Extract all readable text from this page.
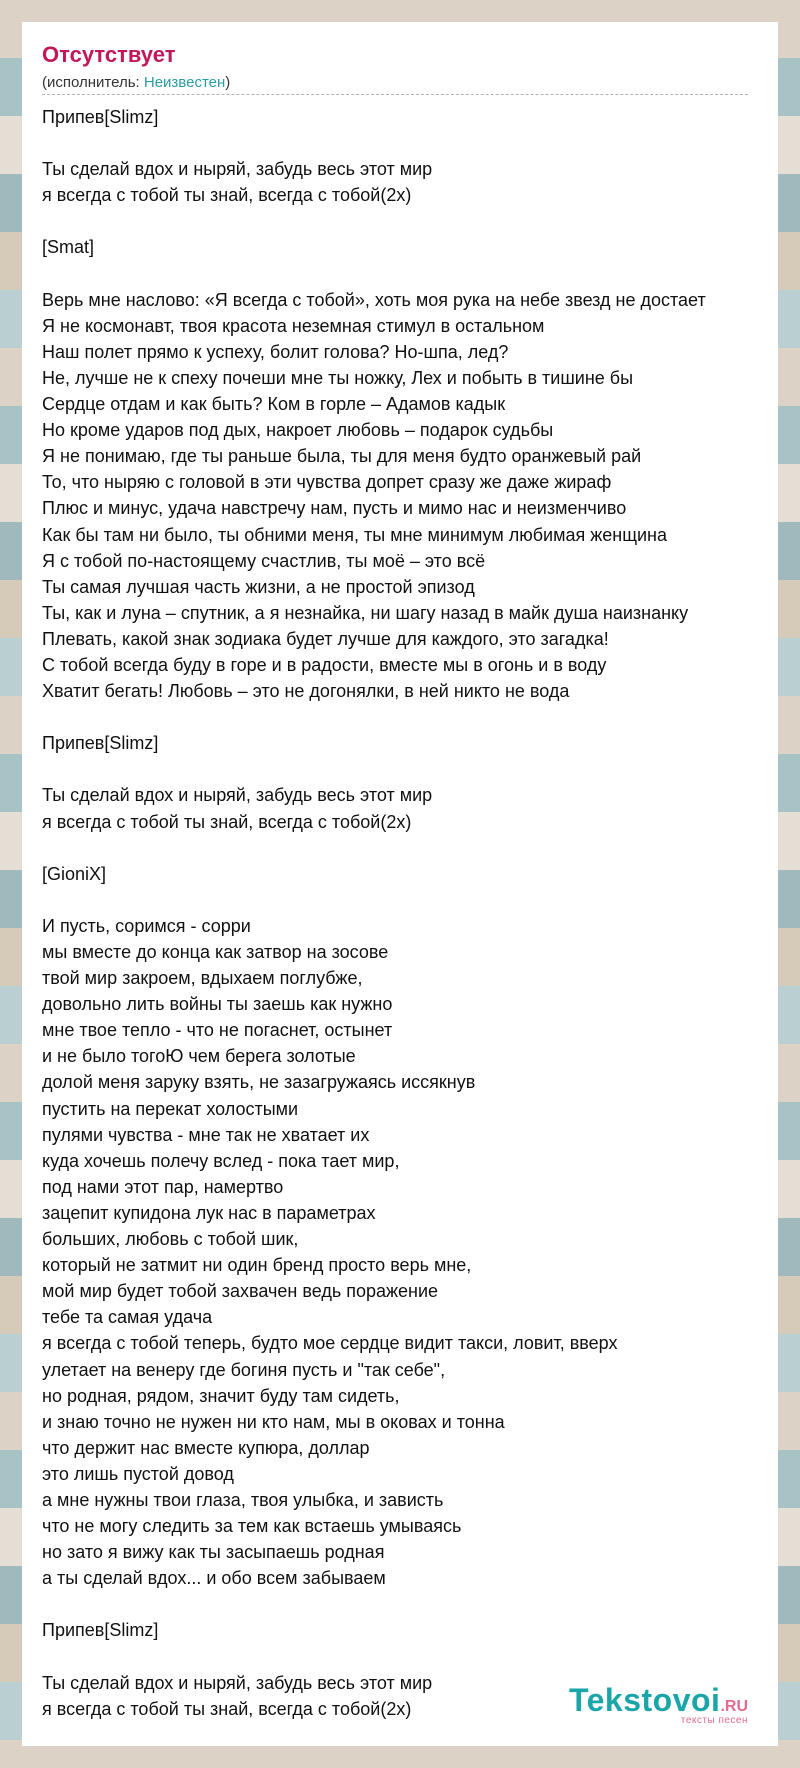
Отсутствует
(исполнитель: Неизвестен)
Припев[Slimz]

Ты сделай вдох и ныряй, забудь весь этот мир
я всегда с тобой ты знай, всегда с тобой(2х)

[Smat]

Верь мне наслово: «Я всегда с тобой», хоть моя рука на небе звезд не достает
Я не космонавт, твоя красота неземная стимул в остальном
Наш полет прямо к успеху, болит голова? Но-шпа, лед?
Не, лучше не к спеху почеши мне ты ножку, Лех и побыть в тишине бы
Сердце отдам и как быть? Ком в горле – Адамов кадык
Но кроме ударов под дых, накроет любовь – подарок судьбы
Я не понимаю, где ты раньше была, ты для меня будто оранжевый рай
То, что ныряю с головой в эти чувства допрет сразу же даже жираф
Плюс и минус, удача навстречу нам, пусть и мимо нас и неизменчиво
Как бы там ни было, ты обними меня, ты мне минимум любимая женщина
Я с тобой по-настоящему счастлив, ты моё – это всё
Ты самая лучшая часть жизни, а не простой эпизод
Ты, как и луна – спутник, а я незнайка, ни шагу назад в майк душа наизнанку
Плевать, какой знак зодиака будет лучше для каждого, это загадка!
С тобой всегда буду в горе и в радости, вместе мы в огонь и в воду
Хватит бегать! Любовь – это не догонялки, в ней никто не вода

Припев[Slimz]

Ты сделай вдох и ныряй, забудь весь этот мир
я всегда с тобой ты знай, всегда с тобой(2х)

[GioniX]

И пусть, соримся - сорри
мы вместе до конца как затвор на зосове
твой мир закроем, вдыхаем поглубже,
довольно лить войны ты заешь как нужно
мне твое тепло - что не погаснет, остынет
и не было тогоЮ чем берега золотые
долой меня заруку взять, не зазагружаясь иссякнув
пустить на перекат холостыми
пулями чувства - мне так не хватает их
куда хочешь полечу вслед - пока тает мир,
под нами этот пар, намертво
зацепит купидона лук нас в параметрах
больших, любовь с тобой шик,
который не затмит ни один бренд просто верь мне,
мой мир будет тобой захвачен ведь поражение
тебе та самая удача
я всегда с тобой теперь, будто мое сердце видит такси, ловит, вверх
улетает на венеру где богиня пусть и "так себе",
но родная, рядом, значит буду там сидеть,
и знаю точно не нужен ни кто нам, мы в оковах и тонна
что держит нас вместе купюра, доллар
это лишь пустой довод
а мне нужны твои глаза, твоя улыбка, и зависть
что не могу следить за тем как встаешь умываясь
но зато я вижу как ты засыпаешь родная
а ты сделай вдох... и обо всем забываем

Припев[Slimz]

Ты сделай вдох и ныряй, забудь весь этот мир
я всегда с тобой ты знай, всегда с тобой(2х)	Tekstovoi.RU
тексты песен
